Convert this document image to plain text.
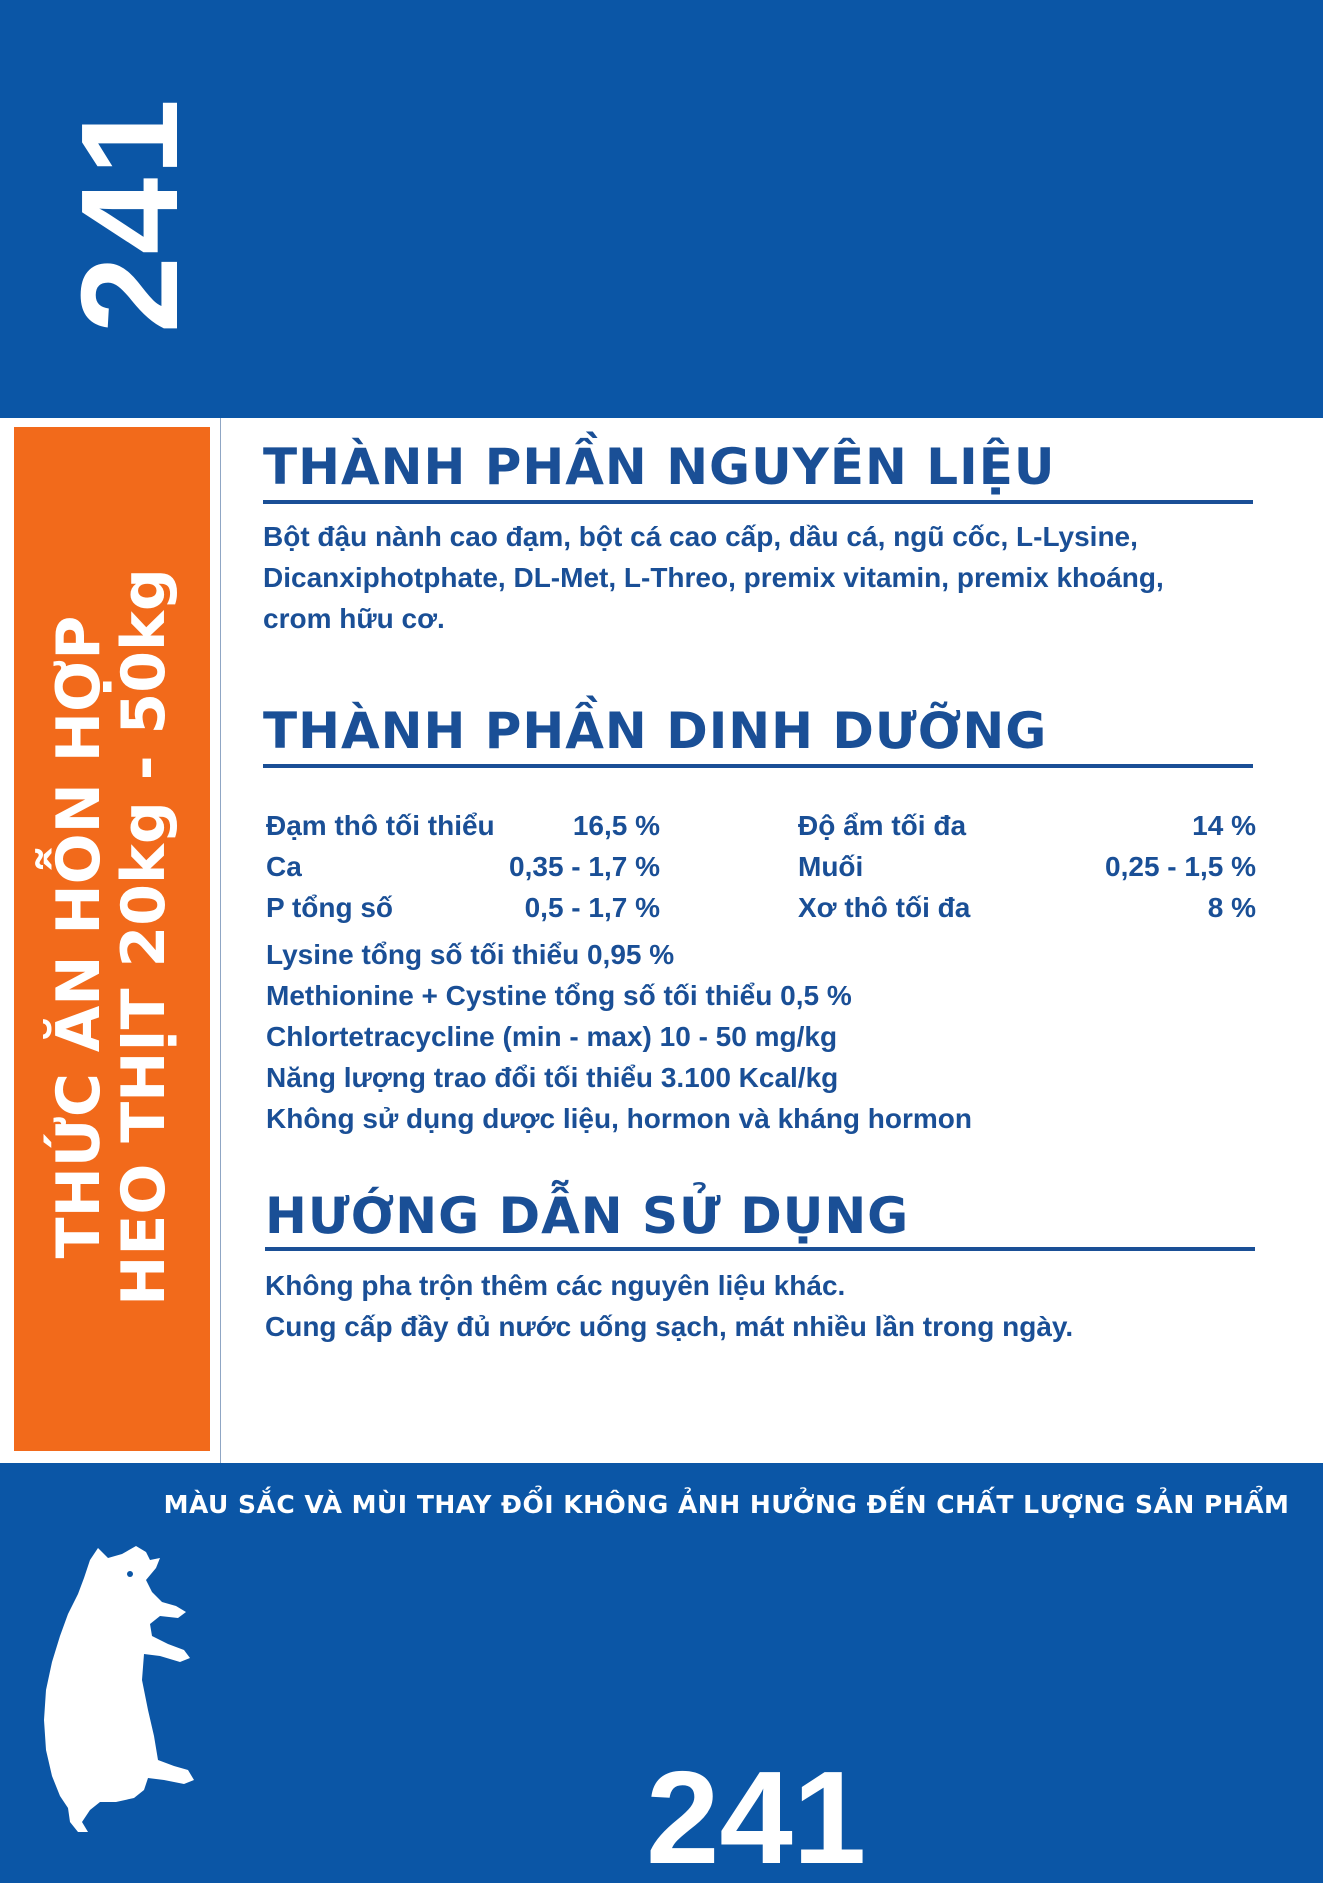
241
THỨC ĂN HỖN HỢP
HEO THỊT 20kg - 50kg
THÀNH PHẦN NGUYÊN LIỆU
Bột đậu nành cao đạm, bột cá cao cấp, dầu cá, ngũ cốc, L-Lysine,
Dicanxiphotphate, DL-Met, L-Threo, premix vitamin, premix khoáng,
crom hữu cơ.
THÀNH PHẦN DINH DƯỠNG
Đạm thô tối thiểu	16,5 %	Độ ẩm tối đa	14 %
Ca	0,35 - 1,7 %	Muối	0,25 - 1,5 %
P tổng số	0,5 - 1,7 %	Xơ thô tối đa	8 %
Lysine tổng số tối thiểu 0,95 %
Methionine + Cystine tổng số tối thiểu 0,5 %
Chlortetracycline (min - max) 10 - 50 mg/kg
Năng lượng trao đổi tối thiểu 3.100 Kcal/kg
Không sử dụng dược liệu, hormon và kháng hormon
HƯỚNG DẪN SỬ DỤNG
Không pha trộn thêm các nguyên liệu khác.
Cung cấp đầy đủ nước uống sạch, mát nhiều lần trong ngày.
MÀU SẮC VÀ MÙI THAY ĐỔI KHÔNG ẢNH HƯỞNG ĐẾN CHẤT LƯỢNG SẢN PHẨM
241
